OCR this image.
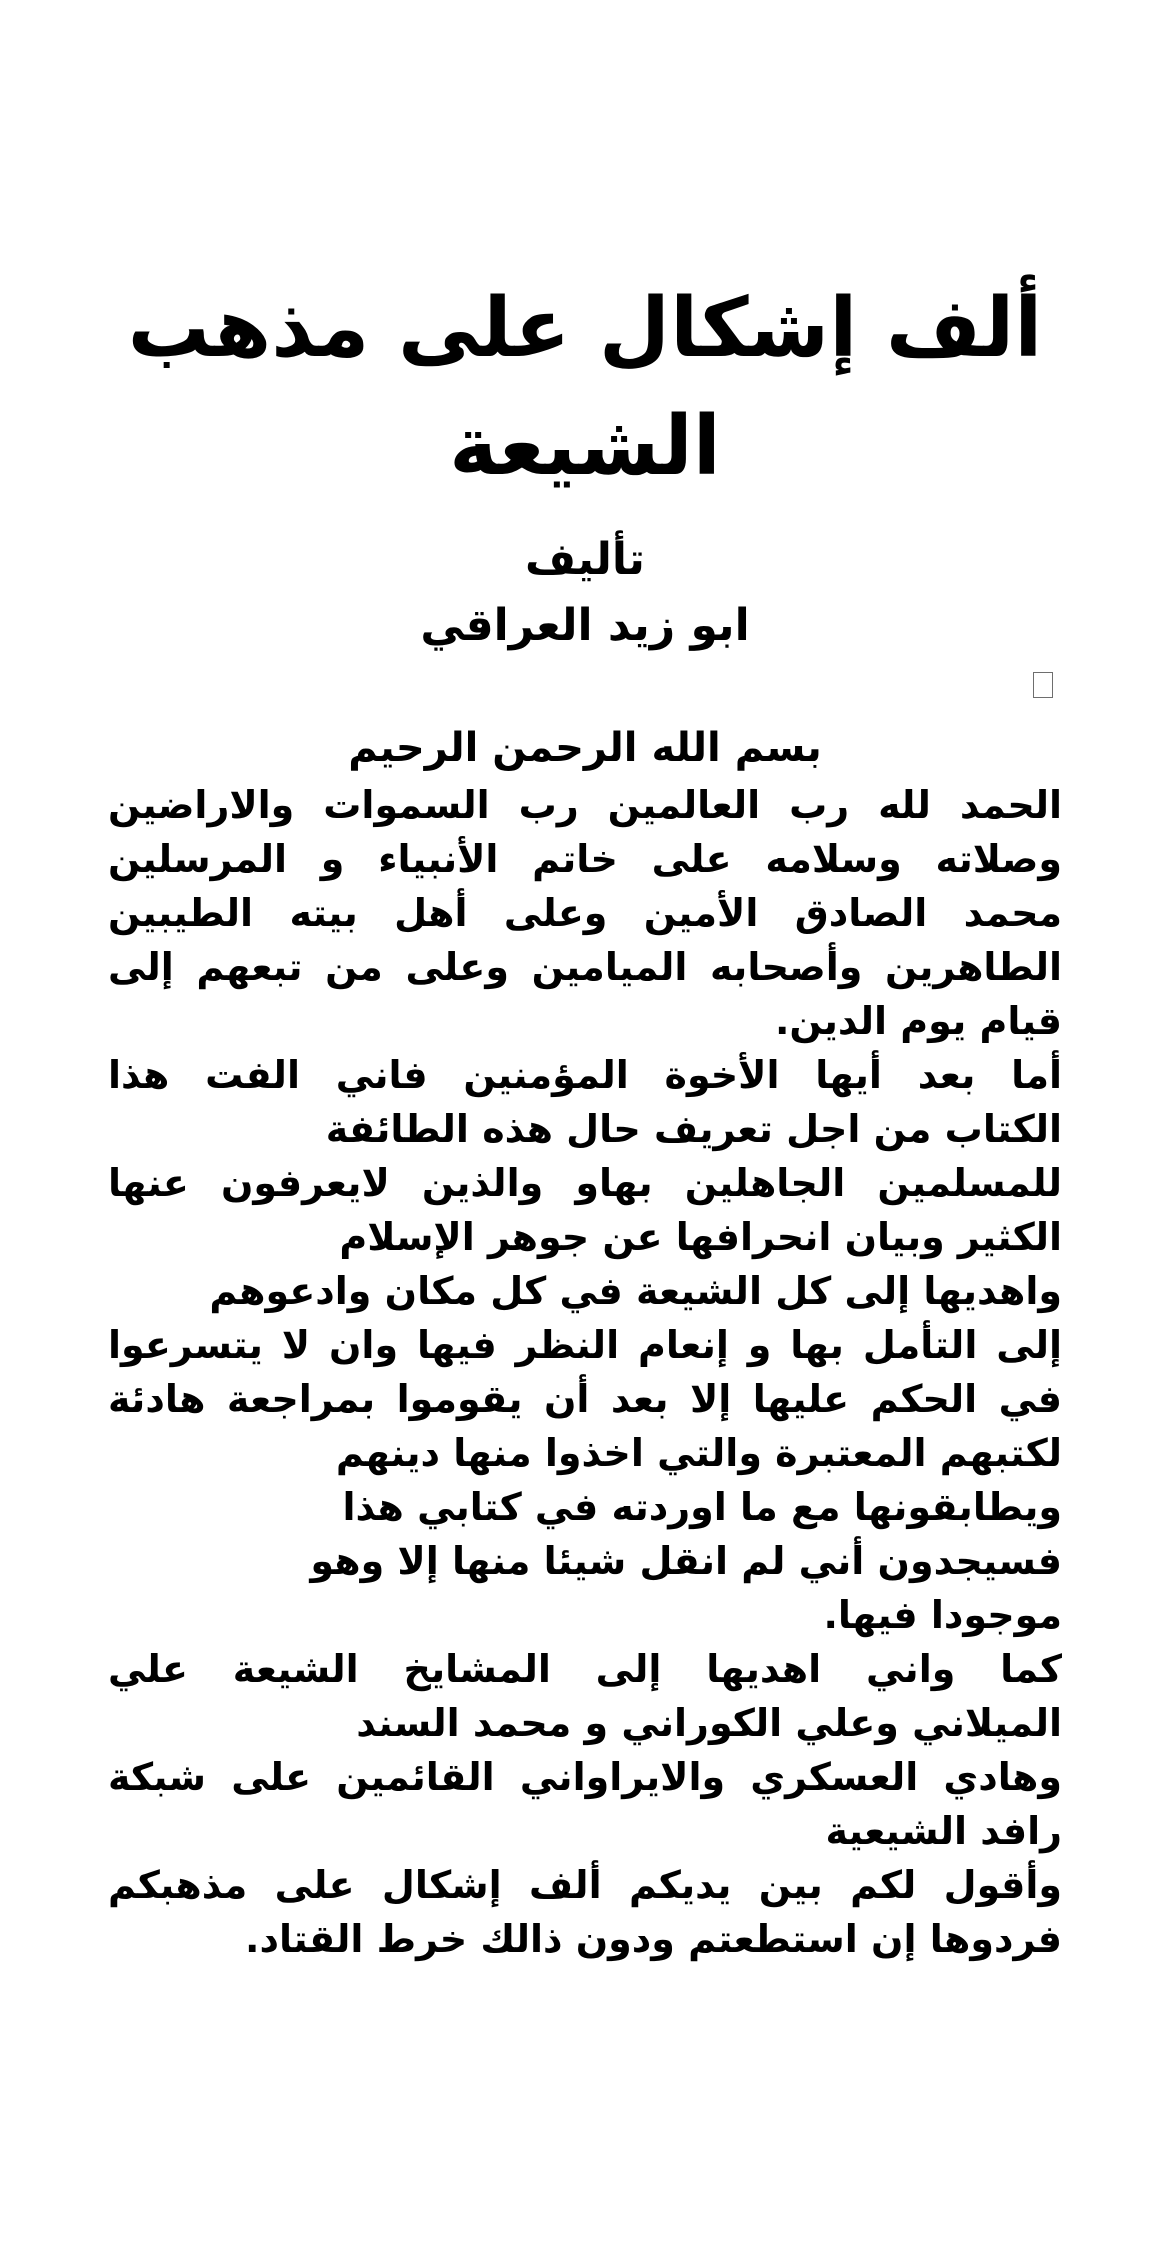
ألف إشكال على مذهب الشيعة
تأليف
ابو زيد العراقي
بسم الله الرحمن الرحيم
الحمد لله رب العالمين رب السموات والاراضين
وصلاته وسلامه على خاتم الأنبياء و المرسلين
محمد الصادق الأمين وعلى أهل بيته الطيبين
الطاهرين وأصحابه الميامين وعلى من تبعهم إلى
قيام يوم الدين.
أما بعد أيها الأخوة المؤمنين فاني الفت هذا
الكتاب من اجل تعريف حال هذه الطائفة
للمسلمين الجاهلين بهاو والذين لايعرفون عنها
الكثير وبيان انحرافها عن جوهر الإسلام
واهديها إلى كل الشيعة في كل مكان وادعوهم
إلى التأمل بها و إنعام النظر فيها وان لا يتسرعوا
في الحكم عليها إلا بعد أن يقوموا بمراجعة هادئة
لكتبهم المعتبرة والتي اخذوا منها دينهم
ويطابقونها مع ما اوردته في كتابي هذا
فسيجدون أني لم انقل شيئا منها إلا وهو
موجودا فيها.
كما واني اهديها إلى المشايخ الشيعة علي
الميلاني وعلي الكوراني و محمد السند
وهادي العسكري والايراواني القائمين على شبكة
رافد الشيعية
وأقول لكم بين يديكم ألف إشكال على مذهبكم
فردوها إن استطعتم ودون ذالك خرط القتاد.
